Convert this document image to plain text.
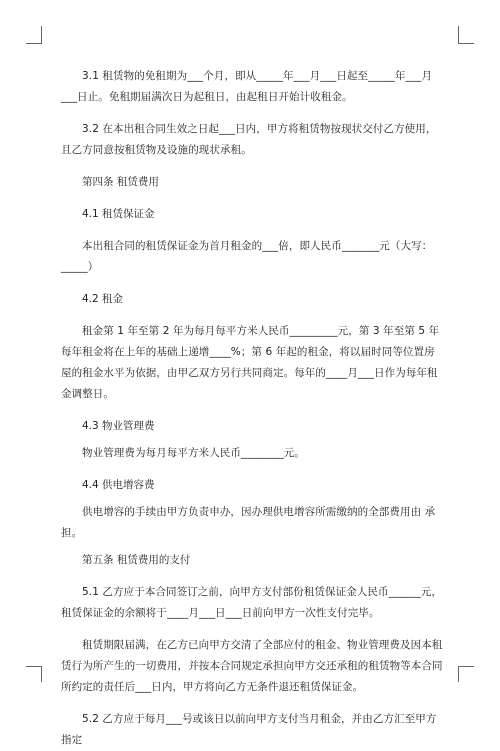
3.1 租赁物的免租期为___个月，即从_____年___月___日起至_____年___月___日止。免租期届满次日为起租日，由起租日开始计收租金。

3.2 在本出租合同生效之日起___日内，甲方将租赁物按现状交付乙方使用，且乙方同意按租赁物及设施的现状承租。

第四条 租赁费用

4.1 租赁保证金

本出租合同的租赁保证金为首月租金的___倍，即人民币_______元（大写：_____）

4.2 租金

租金第 1 年至第 2 年为每月每平方米人民币_________元，第 3 年至第 5 年每年租金将在上年的基础上递增____%；第 6 年起的租金，将以届时同等位置房屋的租金水平为依据，由甲乙双方另行共同商定。每年的____月___日作为每年租金调整日。

4.3 物业管理费

物业管理费为每月每平方米人民币________元。

4.4 供电增容费

供电增容的手续由甲方负责申办，因办理供电增容所需缴纳的全部费用由 承担。

第五条 租赁费用的支付

5.1 乙方应于本合同签订之前，向甲方支付部份租赁保证金人民币______元，租赁保证金的余额将于____月___日___日前向甲方一次性支付完毕。

租赁期限届满，在乙方已向甲方交清了全部应付的租金、物业管理费及因本租赁行为所产生的一切费用，并按本合同规定承担向甲方交还承租的租赁物等本合同所约定的责任后___日内，甲方将向乙方无条件退还租赁保证金。

5.2 乙方应于每月___号或该日以前向甲方支付当月租金，并由乙方汇至甲方指定
